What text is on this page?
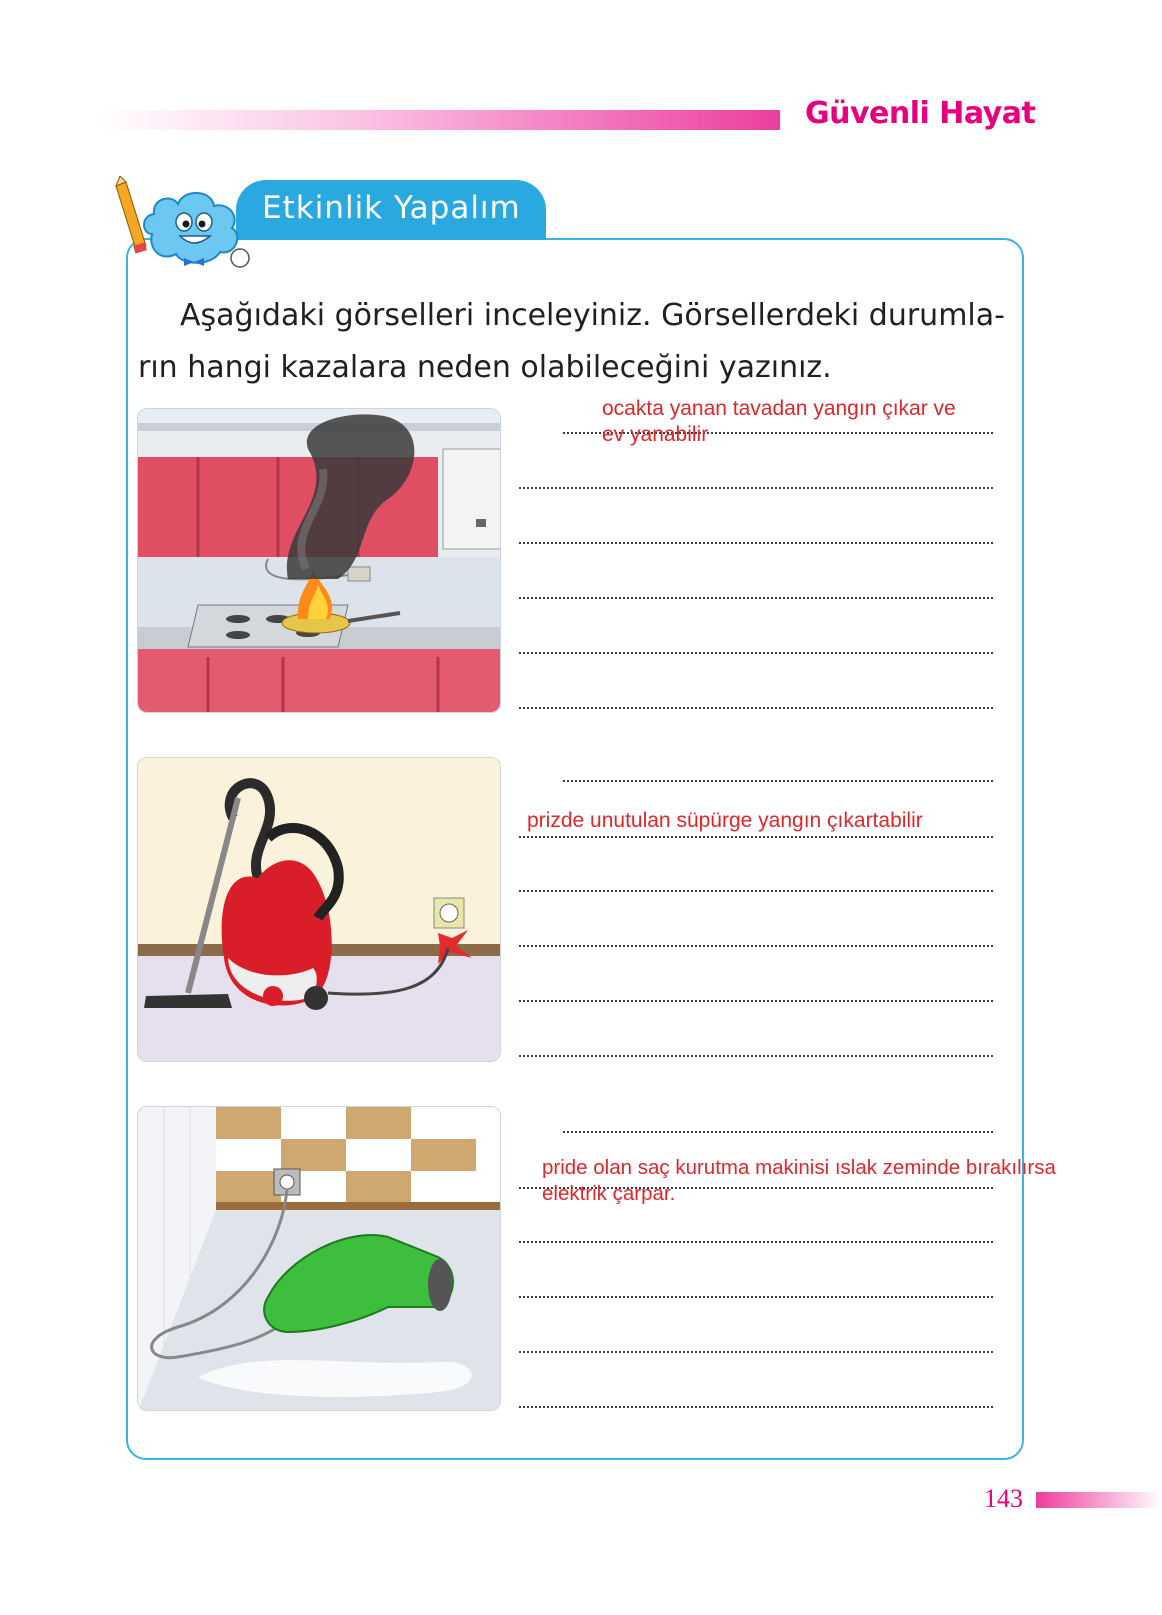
Güvenli Hayat
Etkinlik Yapalım
Aşağıdaki görselleri inceleyiniz. Görsellerdeki durumla-
rın hangi kazalara neden olabileceğini yazınız.
ocakta yanan tavadan yangın çıkar ve
ev yanabilir
prizde unutulan süpürge yangın çıkartabilir
pride olan saç kurutma makinisi ıslak zeminde bırakılırsa
elektrik çarpar.
143
